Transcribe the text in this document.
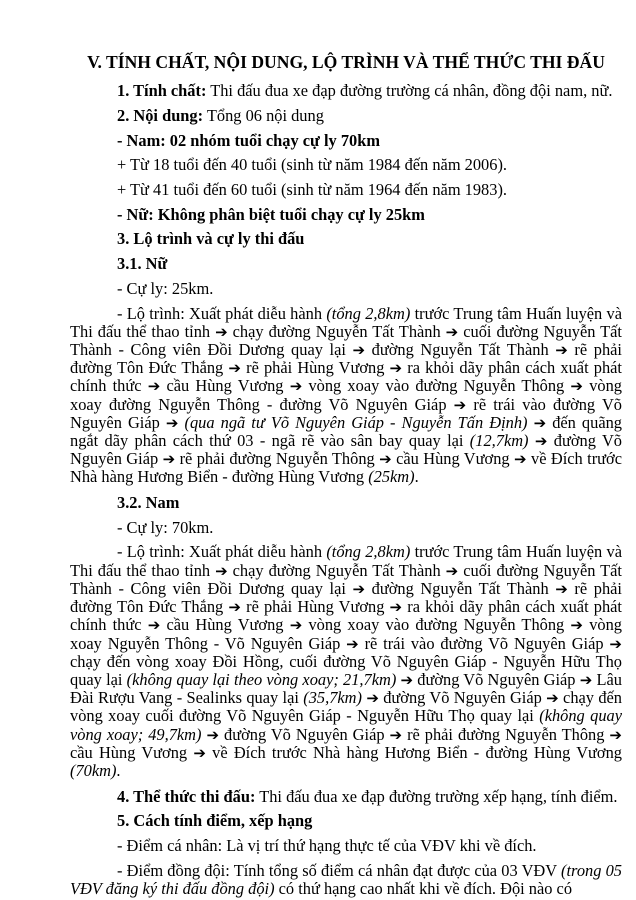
V. TÍNH CHẤT, NỘI DUNG, LỘ TRÌNH VÀ THỂ THỨC THI ĐẤU

1. Tính chất: Thi đấu đua xe đạp đường trường cá nhân, đồng đội nam, nữ.

2. Nội dung: Tổng 06 nội dung

- Nam: 02 nhóm tuổi chạy cự ly 70km

+ Từ 18 tuổi đến 40 tuổi (sinh từ năm 1984 đến năm 2006).

+ Từ 41 tuổi đến 60 tuổi (sinh từ năm 1964 đến năm 1983).

- Nữ: Không phân biệt tuổi chạy cự ly 25km

3. Lộ trình và cự ly thi đấu

3.1. Nữ

- Cự ly: 25km.

- Lộ trình: Xuất phát diễu hành (tổng 2,8km) trước Trung tâm Huấn luyện và Thi đấu thể thao tỉnh ➔ chạy đường Nguyễn Tất Thành ➔ cuối đường Nguyễn Tất Thành - Công viên Đồi Dương quay lại ➔ đường Nguyễn Tất Thành ➔ rẽ phải đường Tôn Đức Thắng ➔ rẽ phải Hùng Vương ➔ ra khỏi dãy phân cách xuất phát chính thức ➔ cầu Hùng Vương ➔ vòng xoay vào đường Nguyễn Thông ➔ vòng xoay đường Nguyễn Thông - đường Võ Nguyên Giáp ➔ rẽ trái vào đường Võ Nguyên Giáp ➔ (qua ngã tư Võ Nguyên Giáp - Nguyễn Tấn Định) ➔ đến quãng ngắt dãy phân cách thứ 03 - ngã rẽ vào sân bay quay lại (12,7km) ➔ đường Võ Nguyên Giáp ➔ rẽ phải đường Nguyễn Thông ➔ cầu Hùng Vương ➔ về Đích trước Nhà hàng Hương Biển - đường Hùng Vương (25km).

3.2. Nam

- Cự ly: 70km.

- Lộ trình: Xuất phát diễu hành (tổng 2,8km) trước Trung tâm Huấn luyện và Thi đấu thể thao tỉnh ➔ chạy đường Nguyễn Tất Thành ➔ cuối đường Nguyễn Tất Thành - Công viên Đồi Dương quay lại ➔ đường Nguyễn Tất Thành ➔ rẽ phải đường Tôn Đức Thắng ➔ rẽ phải Hùng Vương ➔ ra khỏi dãy phân cách xuất phát chính thức ➔ cầu Hùng Vương ➔ vòng xoay vào đường Nguyễn Thông ➔ vòng xoay Nguyễn Thông - Võ Nguyên Giáp ➔ rẽ trái vào đường Võ Nguyên Giáp ➔ chạy đến vòng xoay Đồi Hồng, cuối đường Võ Nguyên Giáp - Nguyễn Hữu Thọ quay lại (không quay lại theo vòng xoay; 21,7km) ➔ đường Võ Nguyên Giáp ➔ Lâu Đài Rượu Vang - Sealinks quay lại (35,7km) ➔ đường Võ Nguyên Giáp ➔ chạy đến vòng xoay cuối đường Võ Nguyên Giáp - Nguyễn Hữu Thọ quay lại (không quay vòng xoay; 49,7km) ➔ đường Võ Nguyên Giáp ➔ rẽ phải đường Nguyễn Thông ➔ cầu Hùng Vương ➔ về Đích trước Nhà hàng Hương Biển - đường Hùng Vương (70km).

4. Thể thức thi đấu: Thi đấu đua xe đạp đường trường xếp hạng, tính điểm.

5. Cách tính điểm, xếp hạng

- Điểm cá nhân: Là vị trí thứ hạng thực tế của VĐV khi về đích.

- Điểm đồng đội: Tính tổng số điểm cá nhân đạt được của 03 VĐV (trong 05 VĐV đăng ký thi đấu đồng đội) có thứ hạng cao nhất khi về đích. Đội nào có
